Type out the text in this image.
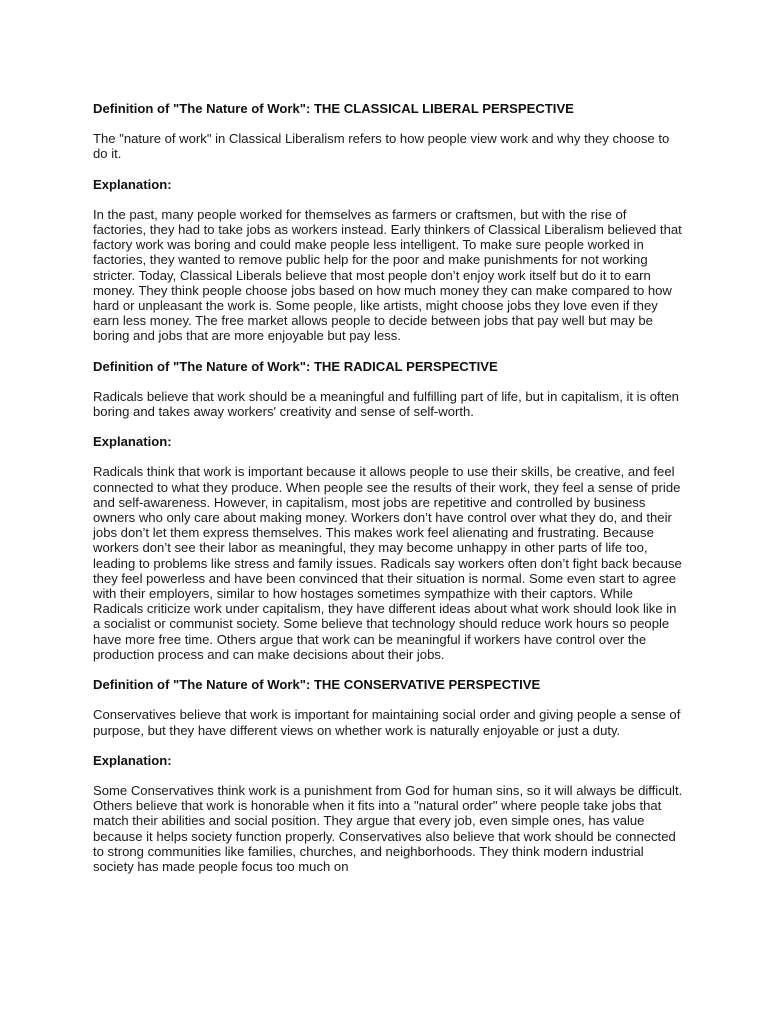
Definition of "The Nature of Work": THE CLASSICAL LIBERAL PERSPECTIVE

The "nature of work" in Classical Liberalism refers to how people view work and why they choose to do it.

Explanation:

In the past, many people worked for themselves as farmers or craftsmen, but with the rise of factories, they had to take jobs as workers instead. Early thinkers of Classical Liberalism believed that factory work was boring and could make people less intelligent. To make sure people worked in factories, they wanted to remove public help for the poor and make punishments for not working stricter. Today, Classical Liberals believe that most people don’t enjoy work itself but do it to earn money. They think people choose jobs based on how much money they can make compared to how hard or unpleasant the work is. Some people, like artists, might choose jobs they love even if they earn less money. The free market allows people to decide between jobs that pay well but may be boring and jobs that are more enjoyable but pay less.

Definition of "The Nature of Work": THE RADICAL PERSPECTIVE

Radicals believe that work should be a meaningful and fulfilling part of life, but in capitalism, it is often boring and takes away workers' creativity and sense of self-worth.

Explanation:

Radicals think that work is important because it allows people to use their skills, be creative, and feel connected to what they produce. When people see the results of their work, they feel a sense of pride and self-awareness. However, in capitalism, most jobs are repetitive and controlled by business owners who only care about making money. Workers don’t have control over what they do, and their jobs don’t let them express themselves. This makes work feel alienating and frustrating. Because workers don’t see their labor as meaningful, they may become unhappy in other parts of life too, leading to problems like stress and family issues. Radicals say workers often don’t fight back because they feel powerless and have been convinced that their situation is normal. Some even start to agree with their employers, similar to how hostages sometimes sympathize with their captors. While Radicals criticize work under capitalism, they have different ideas about what work should look like in a socialist or communist society. Some believe that technology should reduce work hours so people have more free time. Others argue that work can be meaningful if workers have control over the production process and can make decisions about their jobs.

Definition of "The Nature of Work": THE CONSERVATIVE PERSPECTIVE

Conservatives believe that work is important for maintaining social order and giving people a sense of purpose, but they have different views on whether work is naturally enjoyable or just a duty.

Explanation:

Some Conservatives think work is a punishment from God for human sins, so it will always be difficult. Others believe that work is honorable when it fits into a "natural order" where people take jobs that match their abilities and social position. They argue that every job, even simple ones, has value because it helps society function properly. Conservatives also believe that work should be connected to strong communities like families, churches, and neighborhoods. They think modern industrial society has made people focus too much on
